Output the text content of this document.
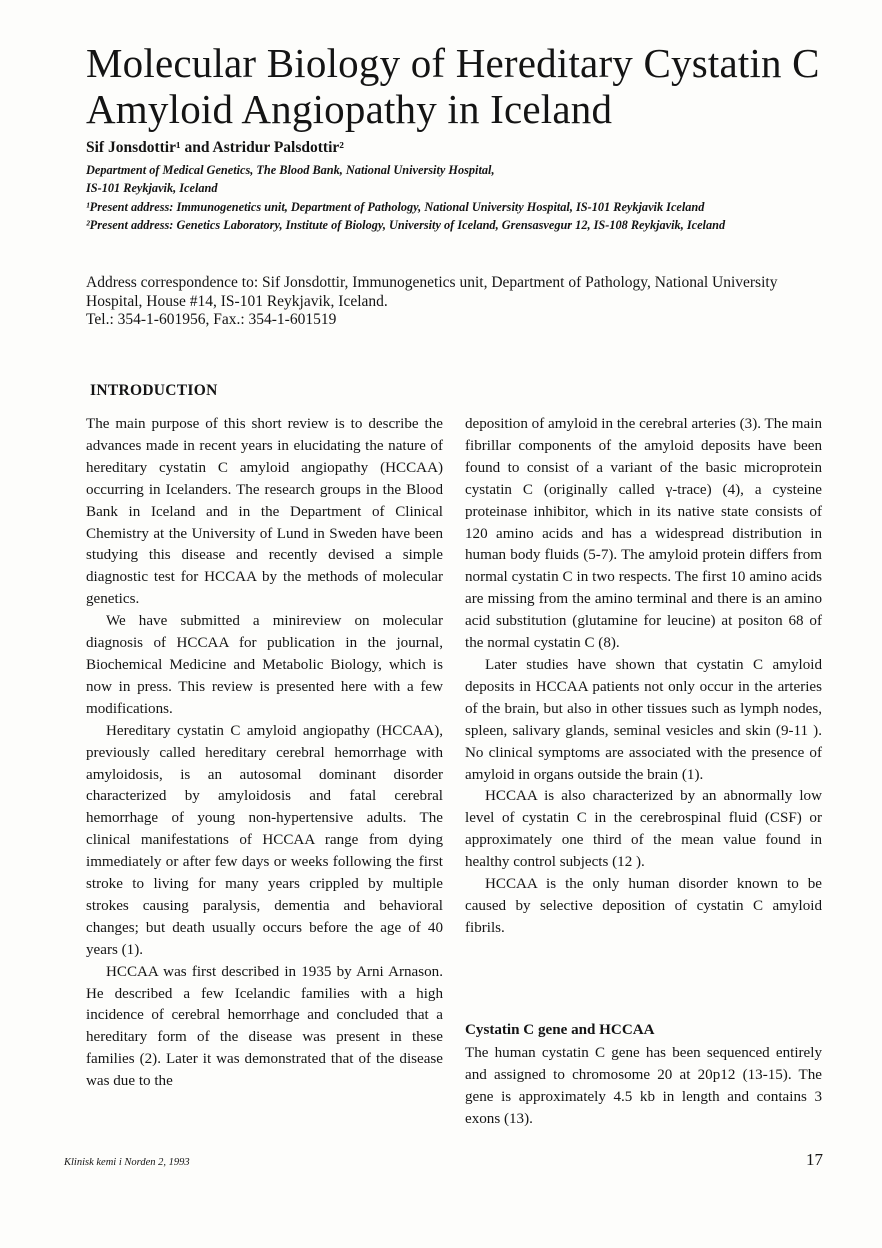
Molecular Biology of Hereditary Cystatin C Amyloid Angiopathy in Iceland

Sif Jonsdottir¹ and Astridur Palsdottir²

Department of Medical Genetics, The Blood Bank, National University Hospital,

IS-101 Reykjavik, Iceland

¹Present address: Immunogenetics unit, Department of Pathology, National University Hospital, IS-101 Reykjavik Iceland

²Present address: Genetics Laboratory, Institute of Biology, University of Iceland, Grensasvegur 12, IS-108 Reykjavik, Iceland

Address correspondence to: Sif Jonsdottir, Immunogenetics unit, Department of Pathology, National University Hospital, House #14, IS-101 Reykjavik, Iceland.

Tel.: 354-1-601956, Fax.: 354-1-601519

INTRODUCTION

The main purpose of this short review is to describe the advances made in recent years in elucidating the nature of hereditary cystatin C amyloid angiopathy (HCCAA) occurring in Icelanders. The research groups in the Blood Bank in Iceland and in the Department of Clinical Chemistry at the University of Lund in Sweden have been studying this disease and recently devised a simple diagnostic test for HCCAA by the methods of molecular genetics.

We have submitted a minireview on molecular diagnosis of HCCAA for publication in the journal, Biochemical Medicine and Metabolic Biology, which is now in press. This review is presented here with a few modifications.

Hereditary cystatin C amyloid angiopathy (HCCAA), previously called hereditary cerebral hemorrhage with amyloidosis, is an autosomal dominant disorder characterized by amyloidosis and fatal cerebral hemorrhage of young non-hypertensive adults. The clinical manifestations of HCCAA range from dying immediately or after few days or weeks following the first stroke to living for many years crippled by multiple strokes causing paralysis, dementia and behavioral changes; but death usually occurs before the age of 40 years (1).

HCCAA was first described in 1935 by Arni Arnason. He described a few Icelandic families with a high incidence of cerebral hemorrhage and concluded that a hereditary form of the disease was present in these families (2). Later it was demonstrated that of the disease was due to the

deposition of amyloid in the cerebral arteries (3). The main fibrillar components of the amyloid deposits have been found to consist of a variant of the basic microprotein cystatin C (originally called γ-trace) (4), a cysteine proteinase inhibitor, which in its native state consists of 120 amino acids and has a widespread distribution in human body fluids (5-7). The amyloid protein differs from normal cystatin C in two respects. The first 10 amino acids are missing from the amino terminal and there is an amino acid substitution (glutamine for leucine) at positon 68 of the normal cystatin C (8).

Later studies have shown that cystatin C amyloid deposits in HCCAA patients not only occur in the arteries of the brain, but also in other tissues such as lymph nodes, spleen, salivary glands, seminal vesicles and skin (9-11 ). No clinical symptoms are associated with the presence of amyloid in organs outside the brain (1).

HCCAA is also characterized by an abnormally low level of cystatin C in the cerebrospinal fluid (CSF) or approximately one third of the mean value found in healthy control subjects (12 ).

HCCAA is the only human disorder known to be caused by selective deposition of cystatin C amyloid fibrils.

Cystatin C gene and HCCAA

The human cystatin C gene has been sequenced entirely and assigned to chromosome 20 at 20p12 (13-15). The gene is approximately 4.5 kb in length and contains 3 exons (13).

Klinisk kemi i Norden 2, 1993	17
